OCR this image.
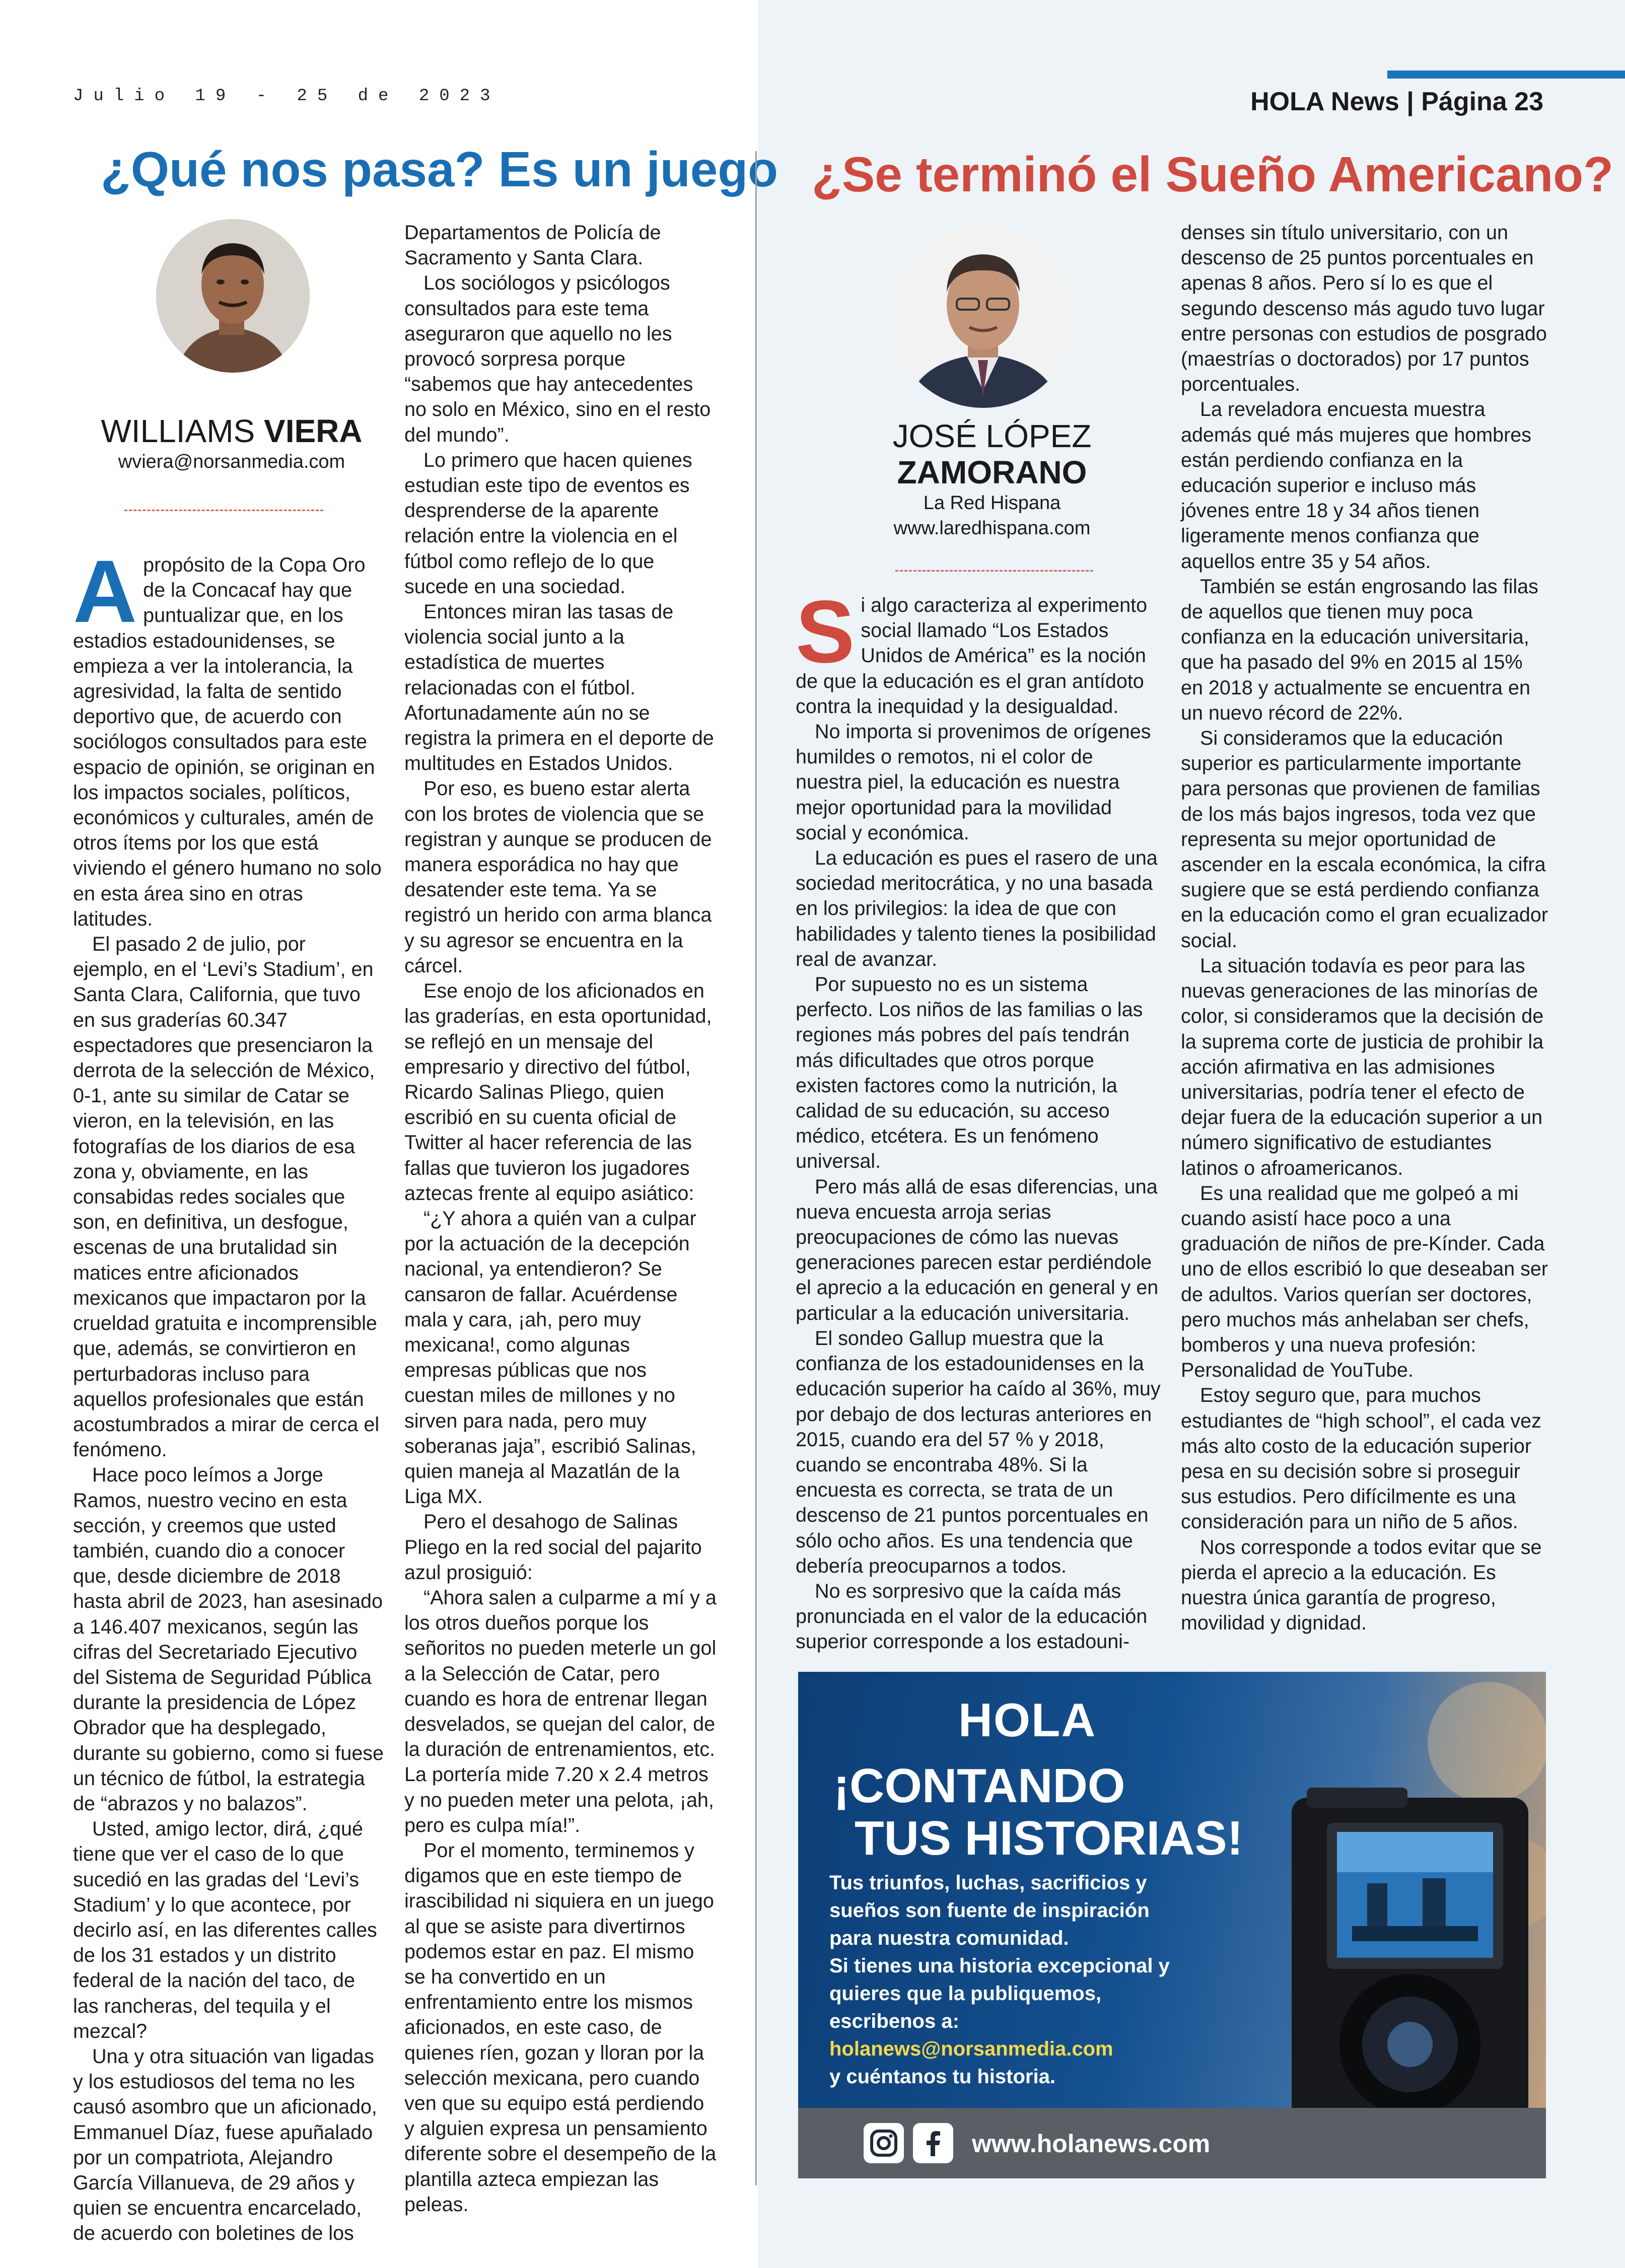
Julio 19 - 25 de 2023	HOLA News | Página 23
¿Qué nos pasa? Es un juego
WILLIAMS VIERA
wviera@norsanmedia.com

Apropósito de la Copa Oro de la Concacaf hay que puntualizar que, en los estadios estadounidenses, se empieza a ver la intolerancia, la agresividad, la falta de sentido deportivo que, de acuerdo con sociólogos consultados para este espacio de opinión, se originan en los impactos sociales, políticos, económicos y culturales, amén de otros ítems por los que está viviendo el género humano no solo en esta área sino en otras latitudes.

El pasado 2 de julio, por ejemplo, en el ‘Levi’s Stadium’, en Santa Clara, California, que tuvo en sus graderías 60.347 espectadores que presenciaron la derrota de la selección de México, 0-1, ante su similar de Catar se vieron, en la televisión, en las fotografías de los diarios de esa zona y, obviamente, en las consabidas redes sociales que son, en definitiva, un desfogue, escenas de una brutalidad sin matices entre aficionados mexicanos que impactaron por la crueldad gratuita e incomprensible que, además, se convirtieron en perturbadoras incluso para aquellos profesionales que están acostumbrados a mirar de cerca el fenómeno.

Hace poco leímos a Jorge Ramos, nuestro vecino en esta sección, y creemos que usted también, cuando dio a conocer que, desde diciembre de 2018 hasta abril de 2023, han asesinado a 146.407 mexicanos, según las cifras del Secretariado Ejecutivo del Sistema de Seguridad Pública durante la presidencia de López Obrador que ha desplegado, durante su gobierno, como si fuese un técnico de fútbol, la estrategia de “abrazos y no balazos”.

Usted, amigo lector, dirá, ¿qué tiene que ver el caso de lo que sucedió en las gradas del ‘Levi’s Stadium’ y lo que acontece, por decirlo así, en las diferentes calles de los 31 estados y un distrito federal de la nación del taco, de las rancheras, del tequila y el mezcal?

Una y otra situación van ligadas y los estudiosos del tema no les causó asombro que un aficionado, Emmanuel Díaz, fuese apuñalado por un compatriota, Alejandro García Villanueva, de 29 años y quien se encuentra encarcelado, de acuerdo con boletines de los

Departamentos de Policía de Sacramento y Santa Clara.

Los sociólogos y psicólogos consultados para este tema aseguraron que aquello no les provocó sorpresa porque “sabemos que hay antecedentes no solo en México, sino en el resto del mundo”.

Lo primero que hacen quienes estudian este tipo de eventos es desprenderse de la aparente relación entre la violencia en el fútbol como reflejo de lo que sucede en una sociedad.

Entonces miran las tasas de violencia social junto a la estadística de muertes relacionadas con el fútbol. Afortunadamente aún no se registra la primera en el deporte de multitudes en Estados Unidos.

Por eso, es bueno estar alerta con los brotes de violencia que se registran y aunque se producen de manera esporádica no hay que desatender este tema. Ya se registró un herido con arma blanca y su agresor se encuentra en la cárcel.

Ese enojo de los aficionados en las graderías, en esta oportunidad, se reflejó en un mensaje del empresario y directivo del fútbol, Ricardo Salinas Pliego, quien escribió en su cuenta oficial de Twitter al hacer referencia de las fallas que tuvieron los jugadores aztecas frente al equipo asiático:

“¿Y ahora a quién van a culpar por la actuación de la decepción nacional, ya entendieron? Se cansaron de fallar. Acuérdense mala y cara, ¡ah, pero muy mexicana!, como algunas empresas públicas que nos cuestan miles de millones y no sirven para nada, pero muy soberanas jaja”, escribió Salinas, quien maneja al Mazatlán de la Liga MX.

Pero el desahogo de Salinas Pliego en la red social del pajarito azul prosiguió:

“Ahora salen a culparme a mí y a los otros dueños porque los señoritos no pueden meterle un gol a la Selección de Catar, pero cuando es hora de entrenar llegan desvelados, se quejan del calor, de la duración de entrenamientos, etc. La portería mide 7.20 x 2.4 metros y no pueden meter una pelota, ¡ah, pero es culpa mía!”.

Por el momento, terminemos y digamos que en este tiempo de irascibilidad ni siquiera en un juego al que se asiste para divertirnos podemos estar en paz. El mismo se ha convertido en un enfrentamiento entre los mismos aficionados, en este caso, de quienes ríen, gozan y lloran por la selección mexicana, pero cuando ven que su equipo está perdiendo y alguien expresa un pensamiento diferente sobre el desempeño de la plantilla azteca empiezan las peleas.

¿Se terminó el Sueño Americano?
JOSÉ LÓPEZ
ZAMORANO
La Red Hispana
www.laredhispana.com

Si algo caracteriza al experimento social llamado “Los Estados Unidos de América” es la noción de que la educación es el gran antídoto contra la inequidad y la desigualdad.

No importa si provenimos de orígenes humildes o remotos, ni el color de nuestra piel, la educación es nuestra mejor oportunidad para la movilidad social y económica.

La educación es pues el rasero de una sociedad meritocrática, y no una basada en los privilegios: la idea de que con habilidades y talento tienes la posibilidad real de avanzar.

Por supuesto no es un sistema perfecto. Los niños de las familias o las regiones más pobres del país tendrán más dificultades que otros porque existen factores como la nutrición, la calidad de su educación, su acceso médico, etcétera. Es un fenómeno universal.

Pero más allá de esas diferencias, una nueva encuesta arroja serias preocupaciones de cómo las nuevas generaciones parecen estar perdiéndole el aprecio a la educación en general y en particular a la educación universitaria.

El sondeo Gallup muestra que la confianza de los estadounidenses en la educación superior ha caído al 36%, muy por debajo de dos lecturas anteriores en 2015, cuando era del 57 % y 2018, cuando se encontraba 48%. Si la encuesta es correcta, se trata de un descenso de 21 puntos porcentuales en sólo ocho años. Es una tendencia que debería preocuparnos a todos.

No es sorpresivo que la caída más pronunciada en el valor de la educación superior corresponde a los estadouni-

denses sin título universitario, con un descenso de 25 puntos porcentuales en apenas 8 años. Pero sí lo es que el segundo descenso más agudo tuvo lugar entre personas con estudios de posgrado (maestrías o doctorados) por 17 puntos porcentuales.

La reveladora encuesta muestra además qué más mujeres que hombres están perdiendo confianza en la educación superior e incluso más jóvenes entre 18 y 34 años tienen ligeramente menos confianza que aquellos entre 35 y 54 años.

También se están engrosando las filas de aquellos que tienen muy poca confianza en la educación universitaria, que ha pasado del 9% en 2015 al 15% en 2018 y actualmente se encuentra en un nuevo récord de 22%.

Si consideramos que la educación superior es particularmente importante para personas que provienen de familias de los más bajos ingresos, toda vez que representa su mejor oportunidad de ascender en la escala económica, la cifra sugiere que se está perdiendo confianza en la educación como el gran ecualizador social.

La situación todavía es peor para las nuevas generaciones de las minorías de color, si consideramos que la decisión de la suprema corte de justicia de prohibir la acción afirmativa en las admisiones universitarias, podría tener el efecto de dejar fuera de la educación superior a un número significativo de estudiantes latinos o afroamericanos.

Es una realidad que me golpeó a mi cuando asistí hace poco a una graduación de niños de pre-Kínder. Cada uno de ellos escribió lo que deseaban ser de adultos. Varios querían ser doctores, pero muchos más anhelaban ser chefs, bomberos y una nueva profesión: Personalidad de YouTube.

Estoy seguro que, para muchos estudiantes de “high school”, el cada vez más alto costo de la educación superior pesa en su decisión sobre si proseguir sus estudios. Pero difícilmente es una consideración para un niño de 5 años.

Nos corresponde a todos evitar que se pierda el aprecio a la educación. Es nuestra única garantía de progreso, movilidad y dignidad.

HOLA
¡CONTANDO
TUS HISTORIAS!
Tus triunfos, luchas, sacrificios y
sueños son fuente de inspiración
para nuestra comunidad.
Si tienes una historia excepcional y
quieres que la publiquemos,
escribenos a:
holanews@norsanmedia.com
y cuéntanos tu historia.
www.holanews.com
